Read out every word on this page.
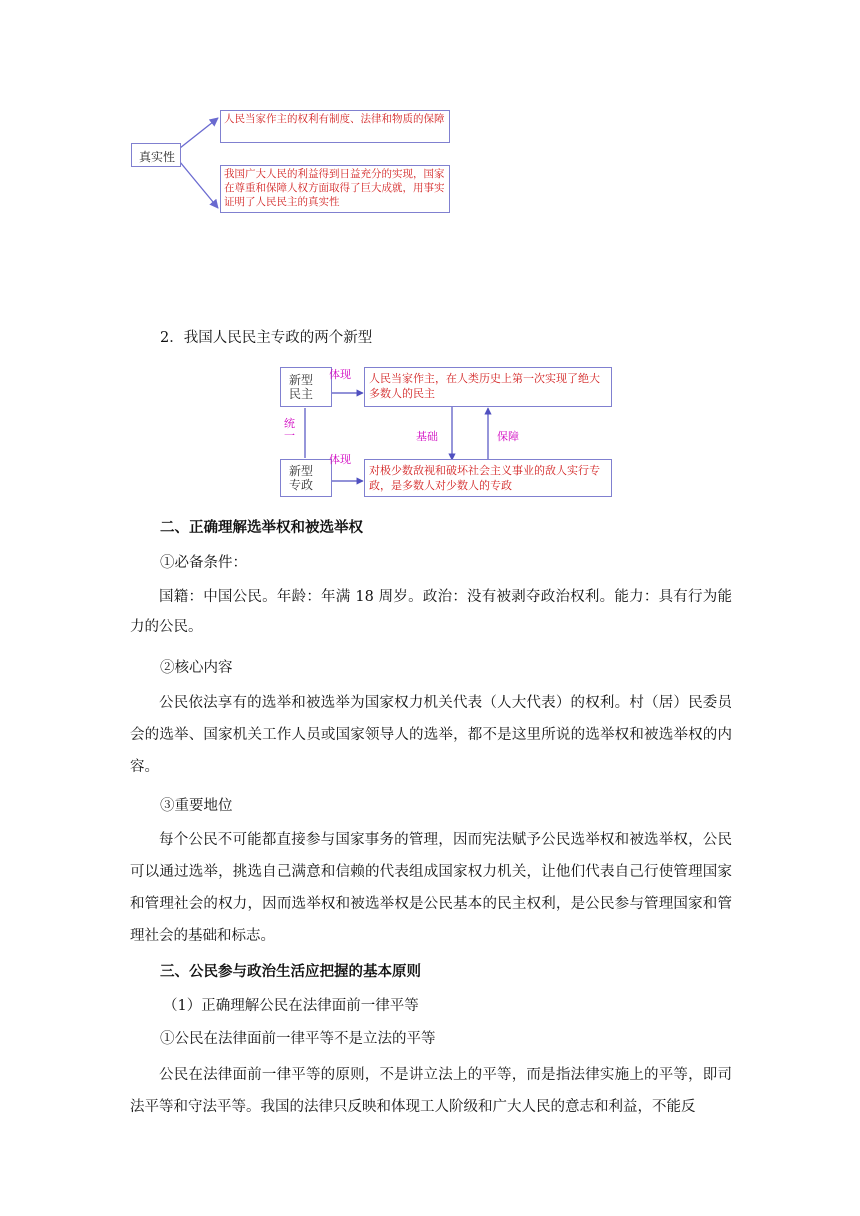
真实性
人民当家作主的权利有制度、法律和物质的保障
我国广大人民的利益得到日益充分的实现，国家在尊重和保障人权方面取得了巨大成就，用事实证明了人民民主的真实性
2．我国人民民主专政的两个新型
新型民主
新型专政
统一
体现
体现
人民当家作主，在人类历史上第一次实现了绝大多数人的民主
对极少数敌视和破坏社会主义事业的敌人实行专政，是多数人对少数人的专政
基础	保障
二、正确理解选举权和被选举权
①必备条件：
国籍：中国公民。年龄：年满 18 周岁。政治：没有被剥夺政治权利。能力：具有行为能力的公民。
②核心内容
公民依法享有的选举和被选举为国家权力机关代表（人大代表）的权利。村（居）民委员会的选举、国家机关工作人员或国家领导人的选举，都不是这里所说的选举权和被选举权的内容。
③重要地位
每个公民不可能都直接参与国家事务的管理，因而宪法赋予公民选举权和被选举权，公民可以通过选举，挑选自己满意和信赖的代表组成国家权力机关，让他们代表自己行使管理国家和管理社会的权力，因而选举权和被选举权是公民基本的民主权利，是公民参与管理国家和管理社会的基础和标志。
三、公民参与政治生活应把握的基本原则
（1）正确理解公民在法律面前一律平等
①公民在法律面前一律平等不是立法的平等
公民在法律面前一律平等的原则，不是讲立法上的平等，而是指法律实施上的平等，即司法平等和守法平等。我国的法律只反映和体现工人阶级和广大人民的意志和利益，不能反
